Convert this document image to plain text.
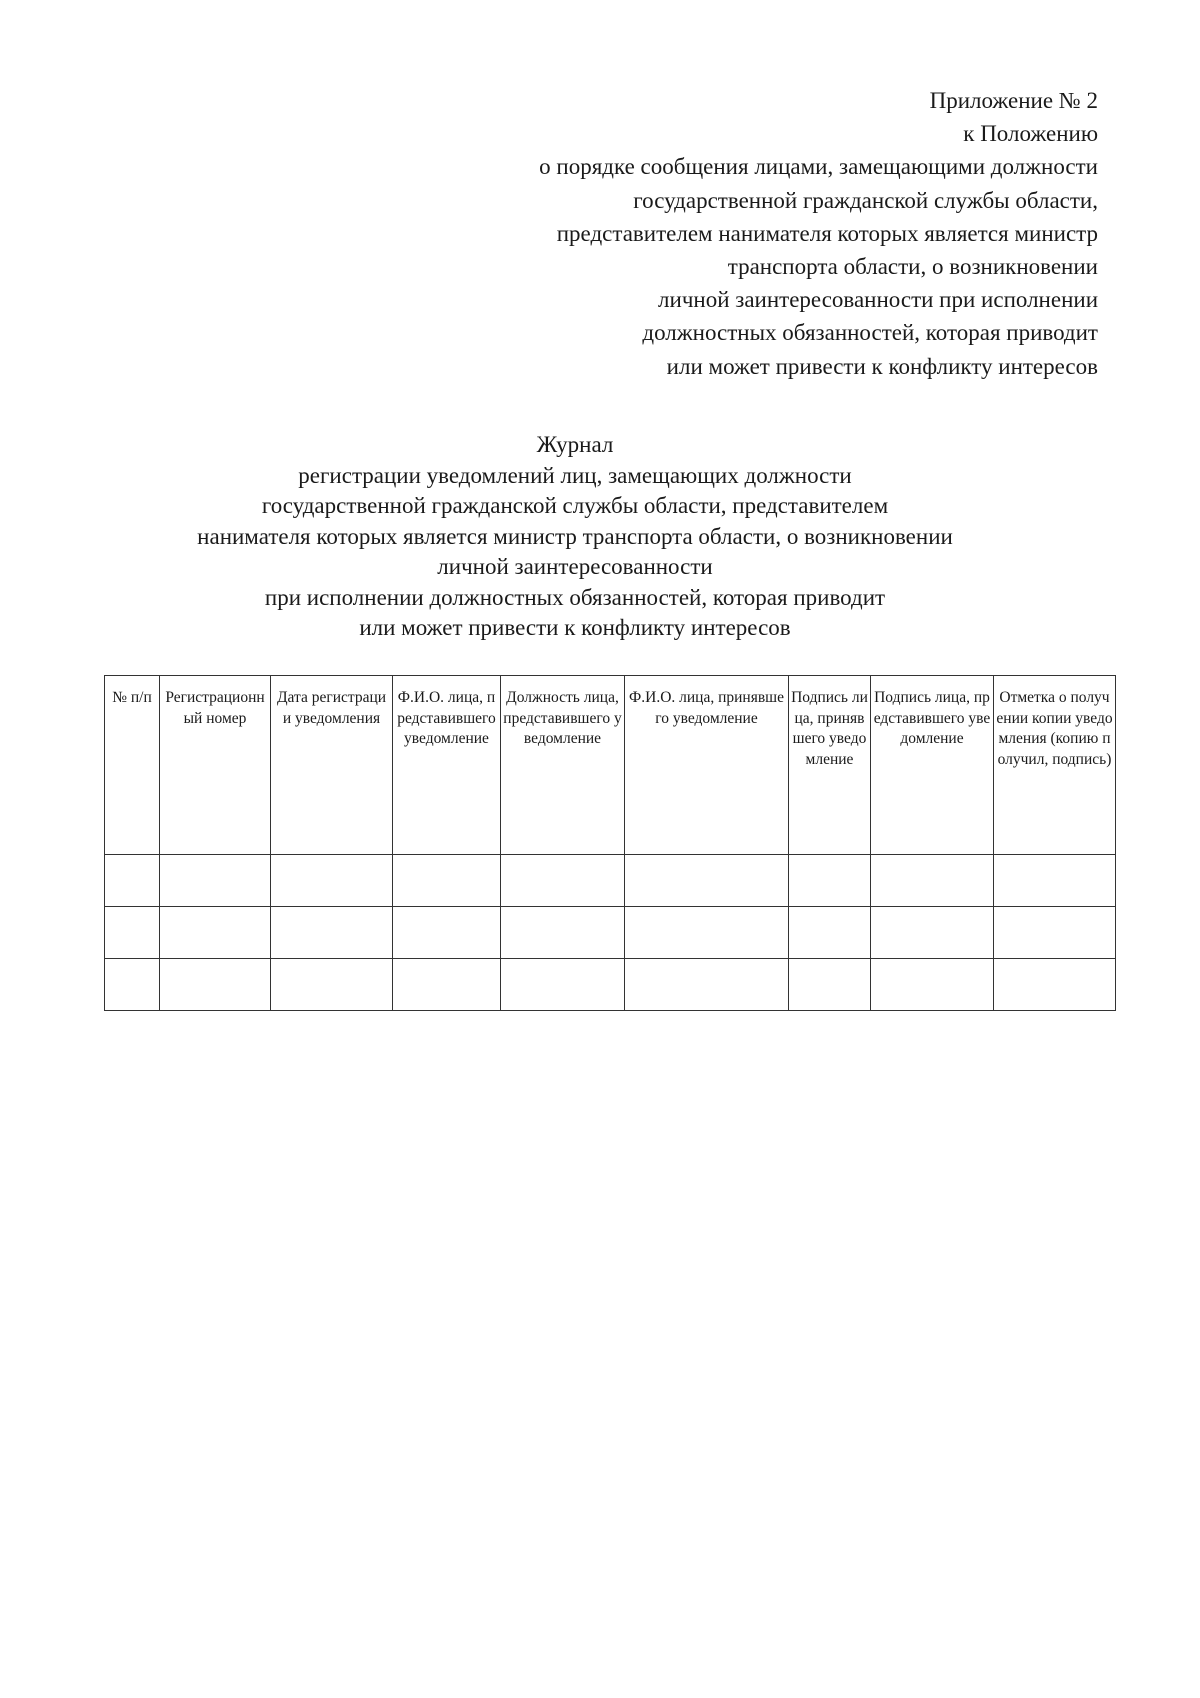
Приложение № 2
к Положению
о порядке сообщения лицами, замещающими должности
государственной гражданской службы области,
представителем нанимателя которых является министр
транспорта области, о возникновении
личной заинтересованности при исполнении
должностных обязанностей, которая приводит
или может привести к конфликту интересов
Журнал
регистрации уведомлений лиц, замещающих должности
государственной гражданской службы области, представителем
нанимателя которых является министр транспорта области, о возникновении
личной заинтересованности
при исполнении должностных обязанностей, которая приводит
или может привести к конфликту интересов
№ п/п	Регистрационный номер	Дата регистрации уведомления	Ф.И.О. лица, представившего уведомление	Должность лица, представившего уведомление	Ф.И.О. лица, принявшего уведомление	Подпись лица, принявшего уведомление	Подпись лица, представившего уведомление	Отметка о получении копии уведомления (копию получил, подпись)
